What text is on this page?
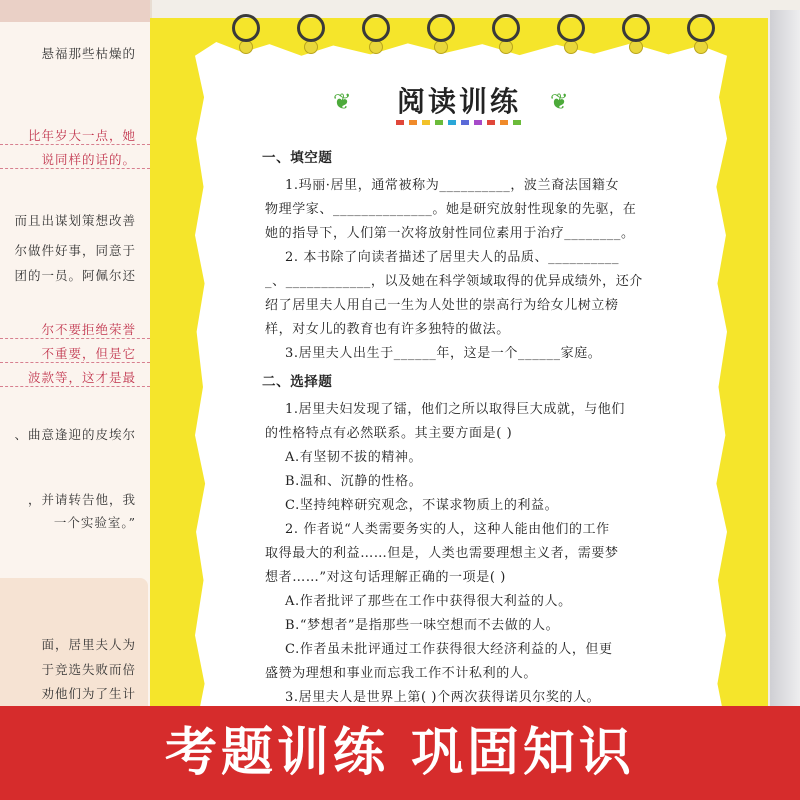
悬福那些枯燥的
比年岁大一点，她
说同样的话的。
而且出谋划策想改善
尔做件好事，同意于
团的一员。阿佩尔还
尔不要拒绝荣誉
不重要，但是它
波款等，这才是最
、曲意逢迎的皮埃尔
，并请转告他，我
一个实验室。”
面，居里夫人为
于竞选失败而倍
劝他们为了生计
❦	阅读训练	❦
一、填空题
1.玛丽·居里，通常被称为__________，波兰裔法国籍女
物理学家、______________。她是研究放射性现象的先驱，在
她的指导下，人们第一次将放射性同位素用于治疗________。
2. 本书除了向读者描述了居里夫人的品质、__________
_、____________，以及她在科学领域取得的优异成绩外，还介
绍了居里夫人用自己一生为人处世的崇高行为给女儿树立榜
样，对女儿的教育也有许多独特的做法。
3.居里夫人出生于______年，这是一个______家庭。
二、选择题
1.居里夫妇发现了镭，他们之所以取得巨大成就，与他们
的性格特点有必然联系。其主要方面是( )
A.有坚韧不拔的精神。
B.温和、沉静的性格。
C.坚持纯粹研究观念，不谋求物质上的利益。
2. 作者说“人类需要务实的人，这种人能由他们的工作
取得最大的利益……但是，人类也需要理想主义者，需要梦
想者……”对这句话理解正确的一项是( )
A.作者批评了那些在工作中获得很大利益的人。
B.“梦想者”是指那些一味空想而不去做的人。
C.作者虽未批评通过工作获得很大经济利益的人，但更
盛赞为理想和事业而忘我工作不计私利的人。
3.居里夫人是世界上第( )个两次获得诺贝尔奖的人。
考题训练 巩固知识
